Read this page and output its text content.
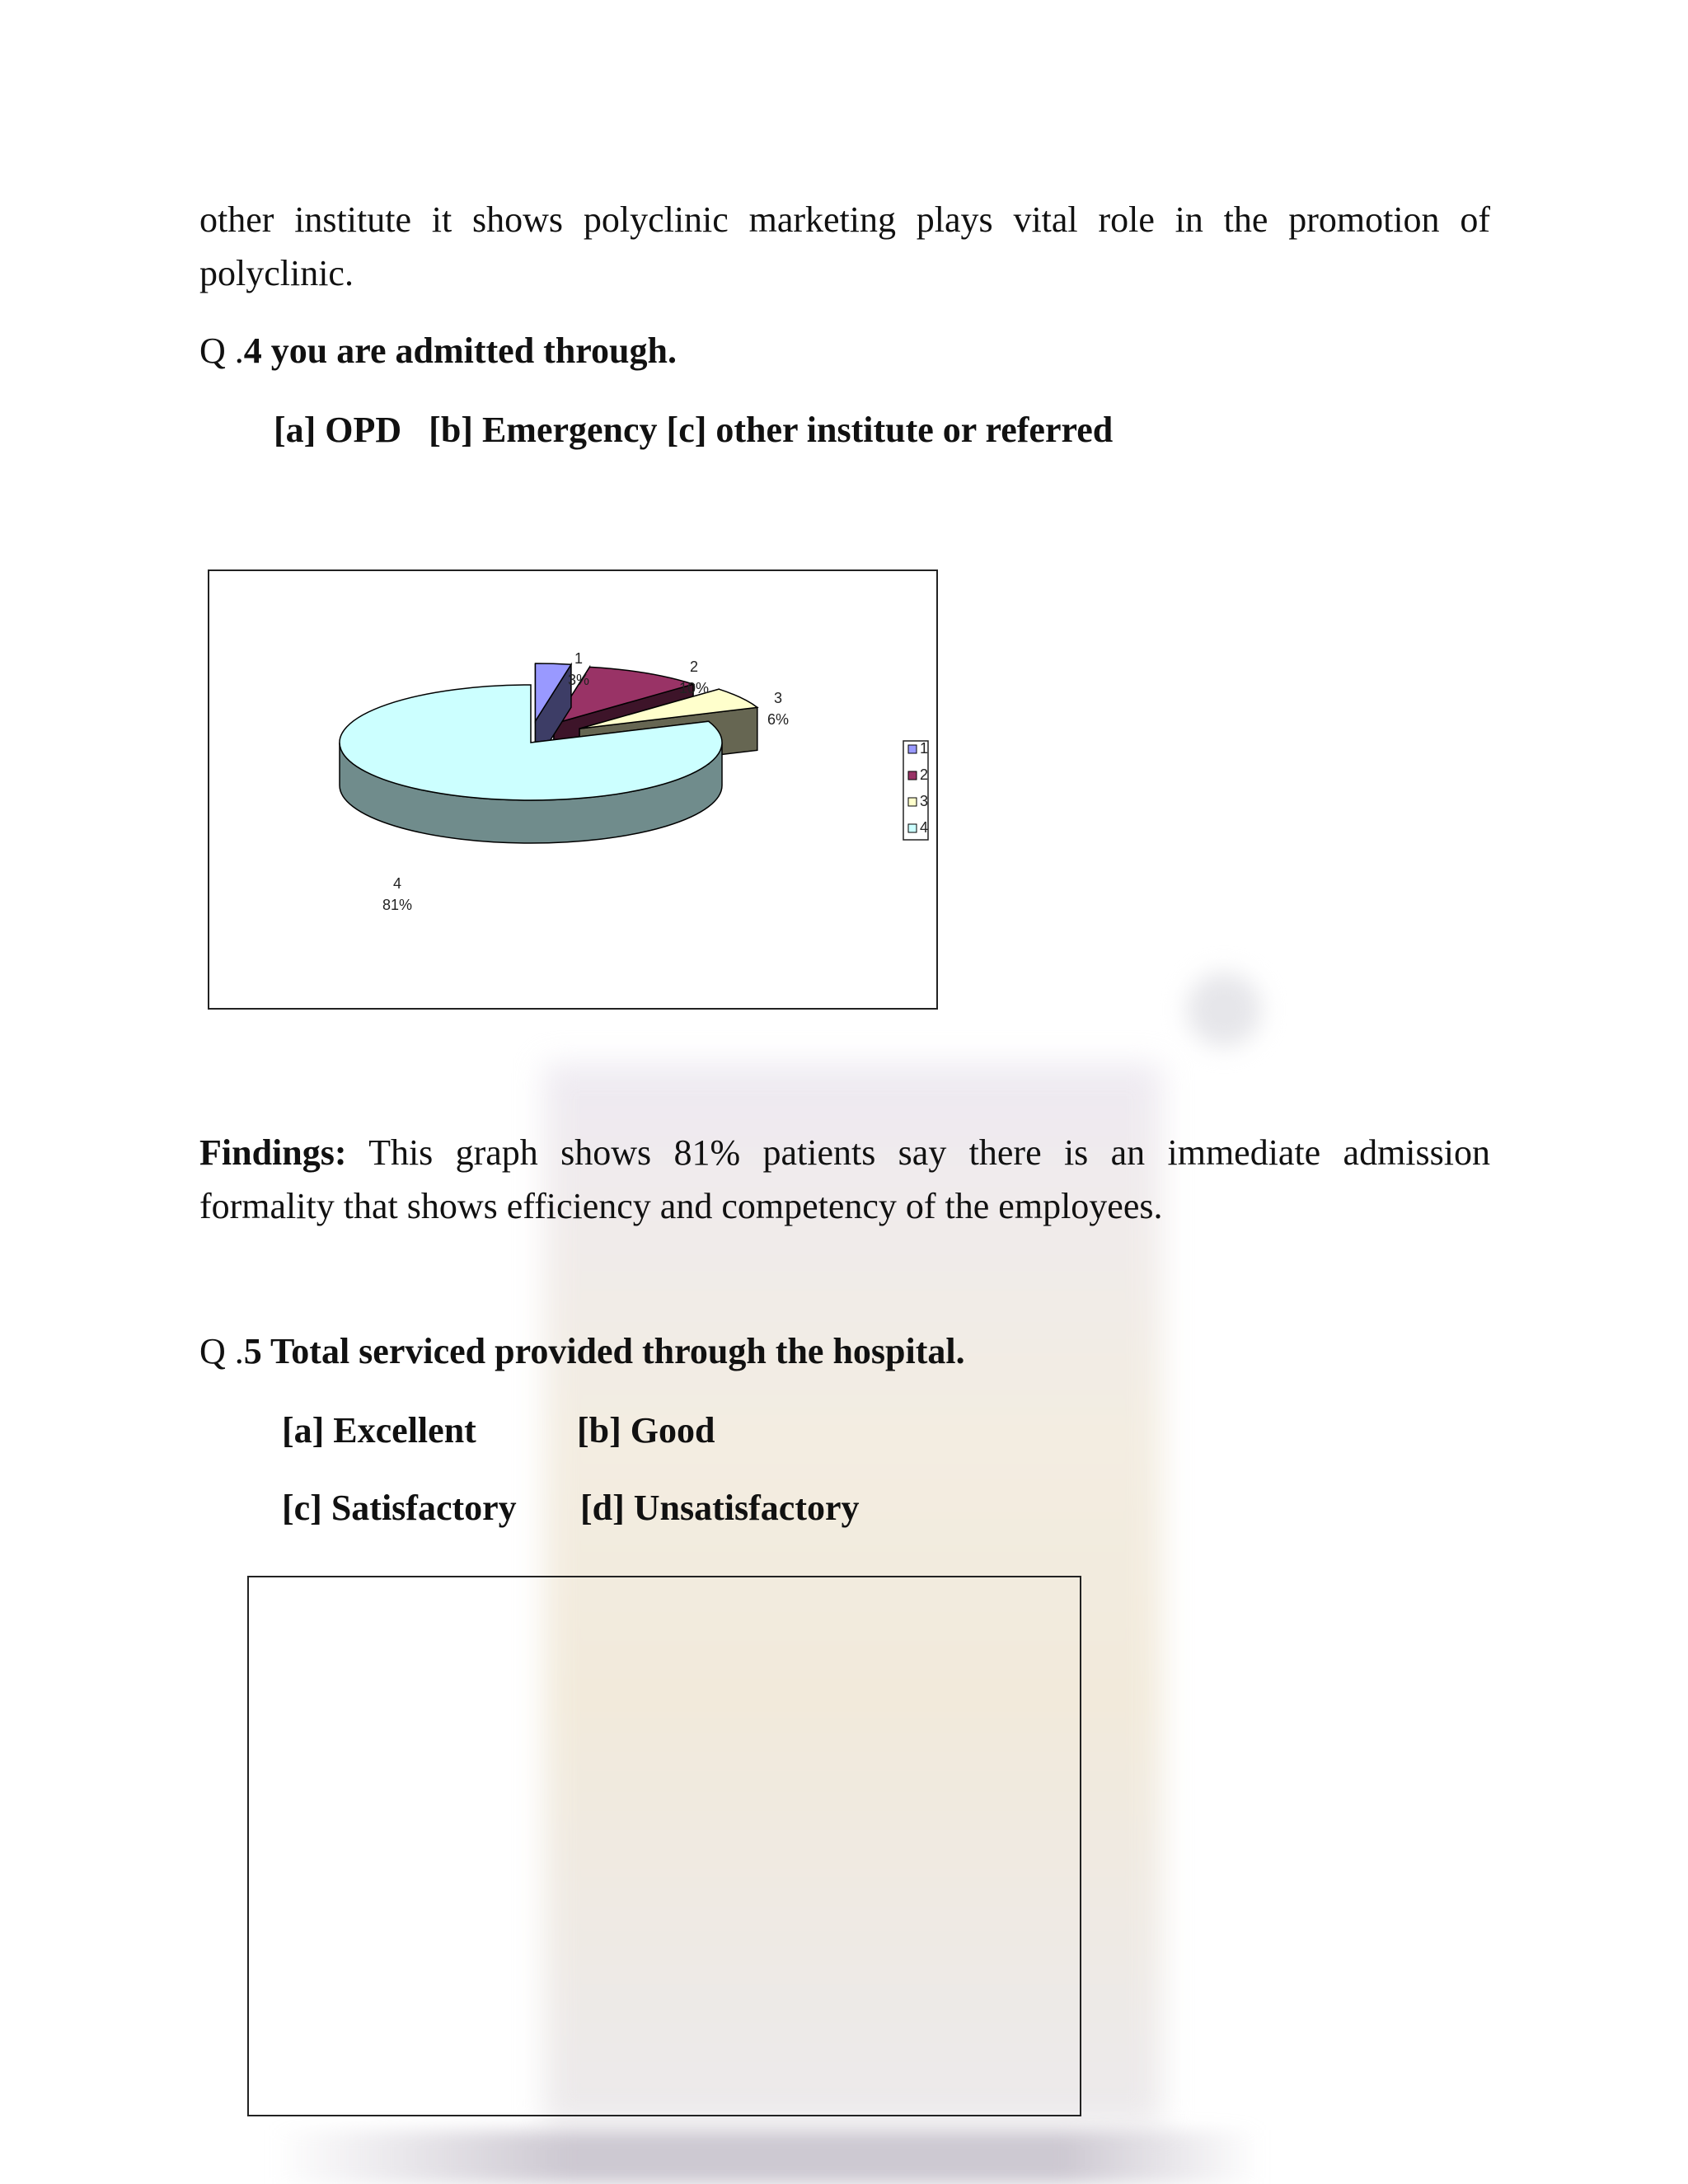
other institute it shows polyclinic marketing plays vital role in the promotion of
polyclinic.
Q .4 you are admitted through.
[a] OPD   [b] Emergency [c] other institute or referred
1
3%
2
10%
3
6%
4
81%
1
2
3
4
Findings: This graph shows 81% patients say there is an immediate admission
formality that shows efficiency and competency of the employees.
Q .5 Total serviced provided through the hospital.
[a] Excellent	[b] Good
[c] Satisfactory [d] Unsatisfactory
